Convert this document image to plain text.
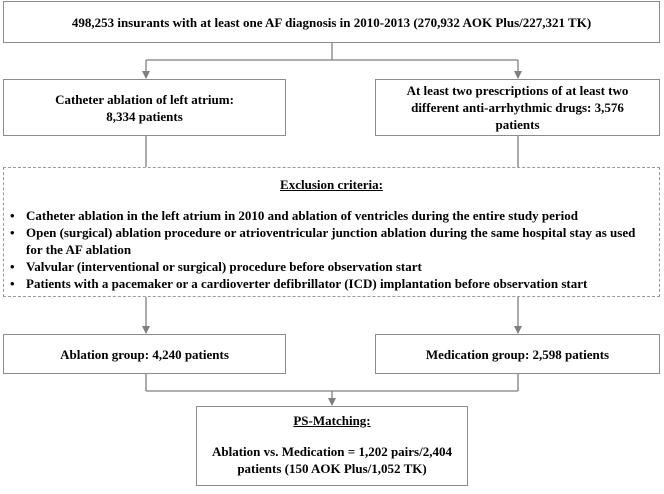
498,253 insurants with at least one AF diagnosis in 2010-2013 (270,932 AOK Plus/227,321 TK)
Catheter ablation of left atrium:
8,334 patients
At least two prescriptions of at least two
different anti-arrhythmic drugs: 3,576
patients
Exclusion criteria:
• Catheter ablation in the left atrium in 2010 and ablation of ventricles during the entire study period
• Open (surgical) ablation procedure or atrioventricular junction ablation during the same hospital stay as used for the AF ablation
• Valvular (interventional or surgical) procedure before observation start
• Patients with a pacemaker or a cardioverter defibrillator (ICD) implantation before observation start
Ablation group: 4,240 patients	Medication group: 2,598 patients
PS-Matching:
Ablation vs. Medication = 1,202 pairs/2,404
patients (150 AOK Plus/1,052 TK)
